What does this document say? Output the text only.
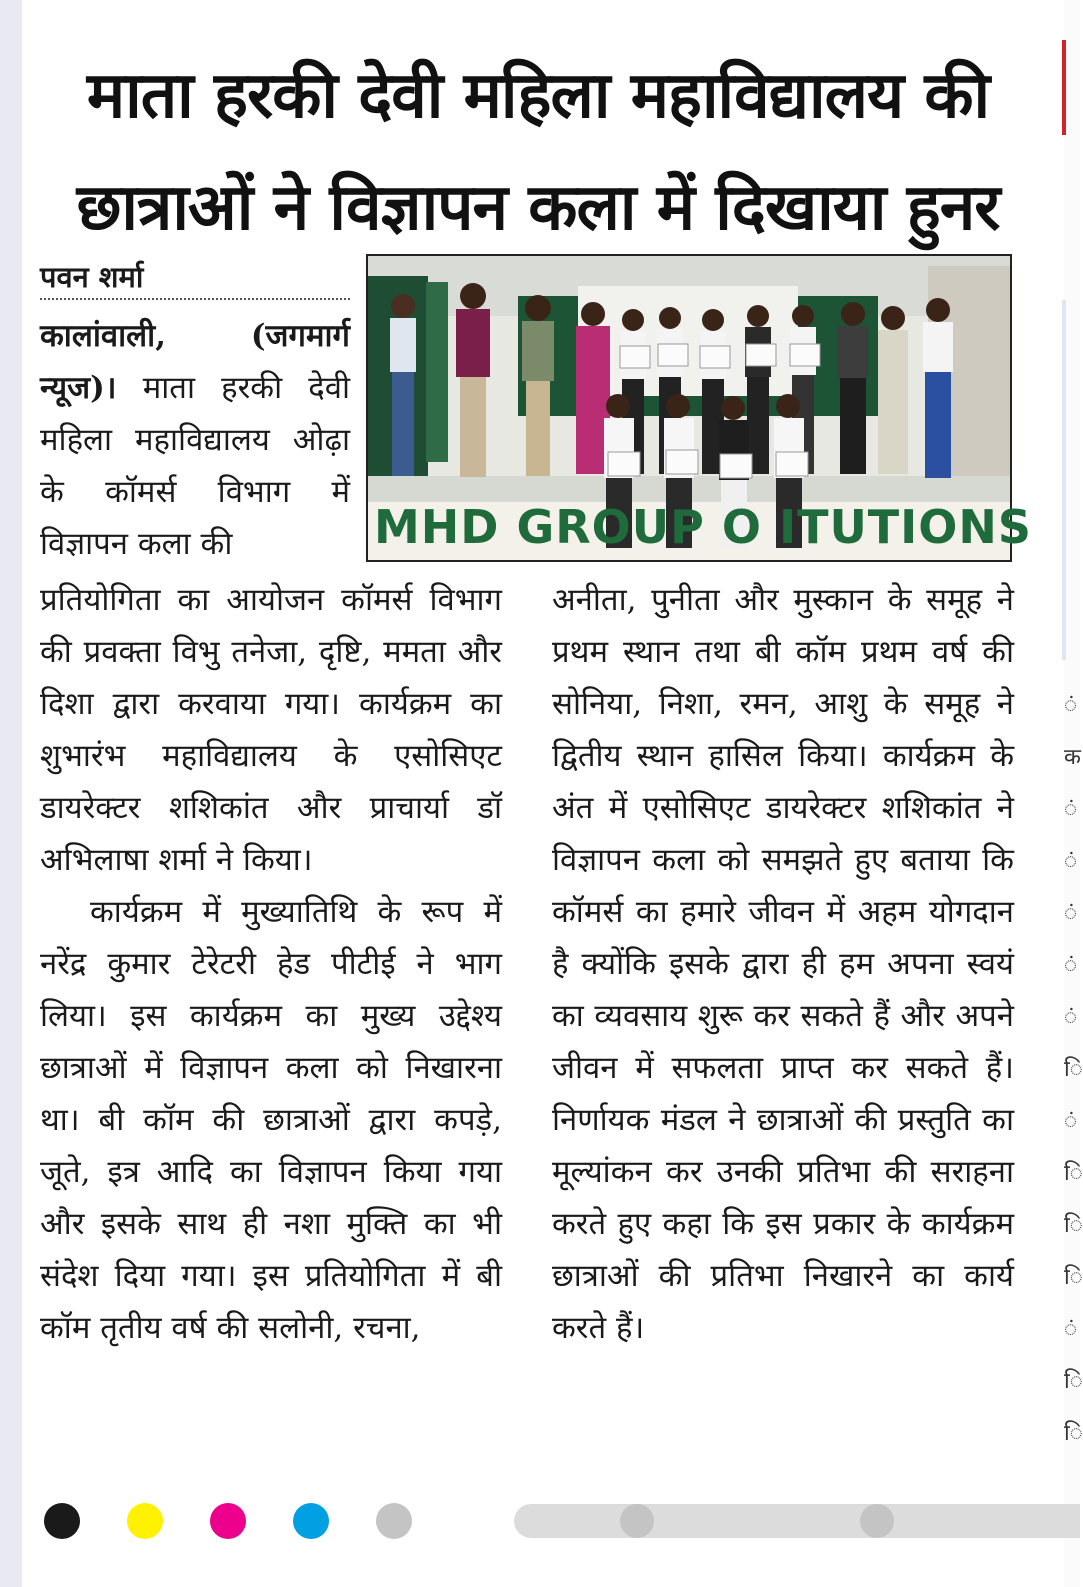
ं क ं ं ं ं ं ि ं ि ि ि ं ि ि
माता हरकी देवी महिला महाविद्यालय की
छात्राओं ने विज्ञापन कला में दिखाया हुनर
पवन शर्मा

कालांवाली, (जगमार्ग न्यूज)। माता हरकी देवी महिला महाविद्यालय ओढ़ा के कॉमर्स विभाग में विज्ञापन कला की

प्रतियोगिता का आयोजन कॉमर्स विभाग की प्रवक्ता विभु तनेजा, दृष्टि, ममता और दिशा द्वारा करवाया गया। कार्यक्रम का शुभारंभ महाविद्यालय के एसोसिएट डायरेक्टर शशिकांत और प्राचार्या डॉ अभिलाषा शर्मा ने किया।

कार्यक्रम में मुख्यातिथि के रूप में नरेंद्र कुमार टेरेटरी हेड पीटीई ने भाग लिया। इस कार्यक्रम का मुख्य उद्देश्य छात्राओं में विज्ञापन कला को निखारना था। बी कॉम की छात्राओं द्वारा कपड़े, जूते, इत्र आदि का विज्ञापन किया गया और इसके साथ ही नशा मुक्ति का भी संदेश दिया गया। इस प्रतियोगिता में बी कॉम तृतीय वर्ष की सलोनी, रचना,

अनीता, पुनीता और मुस्कान के समूह ने प्रथम स्थान तथा बी कॉम प्रथम वर्ष की सोनिया, निशा, रमन, आशु के समूह ने द्वितीय स्थान हासिल किया। कार्यक्रम के अंत में एसोसिएट डायरेक्टर शशिकांत ने विज्ञापन कला को समझते हुए बताया कि कॉमर्स का हमारे जीवन में अहम योगदान है क्योंकि इसके द्वारा ही हम अपना स्वयं का व्यवसाय शुरू कर सकते हैं और अपने जीवन में सफलता प्राप्त कर सकते हैं। निर्णायक मंडल ने छात्राओं की प्रस्तुति का मूल्यांकन कर उनकी प्रतिभा की सराहना करते हुए कहा कि इस प्रकार के कार्यक्रम छात्राओं की प्रतिभा निखारने का कार्य करते हैं।

MHD GROUP O ITUTIONS
